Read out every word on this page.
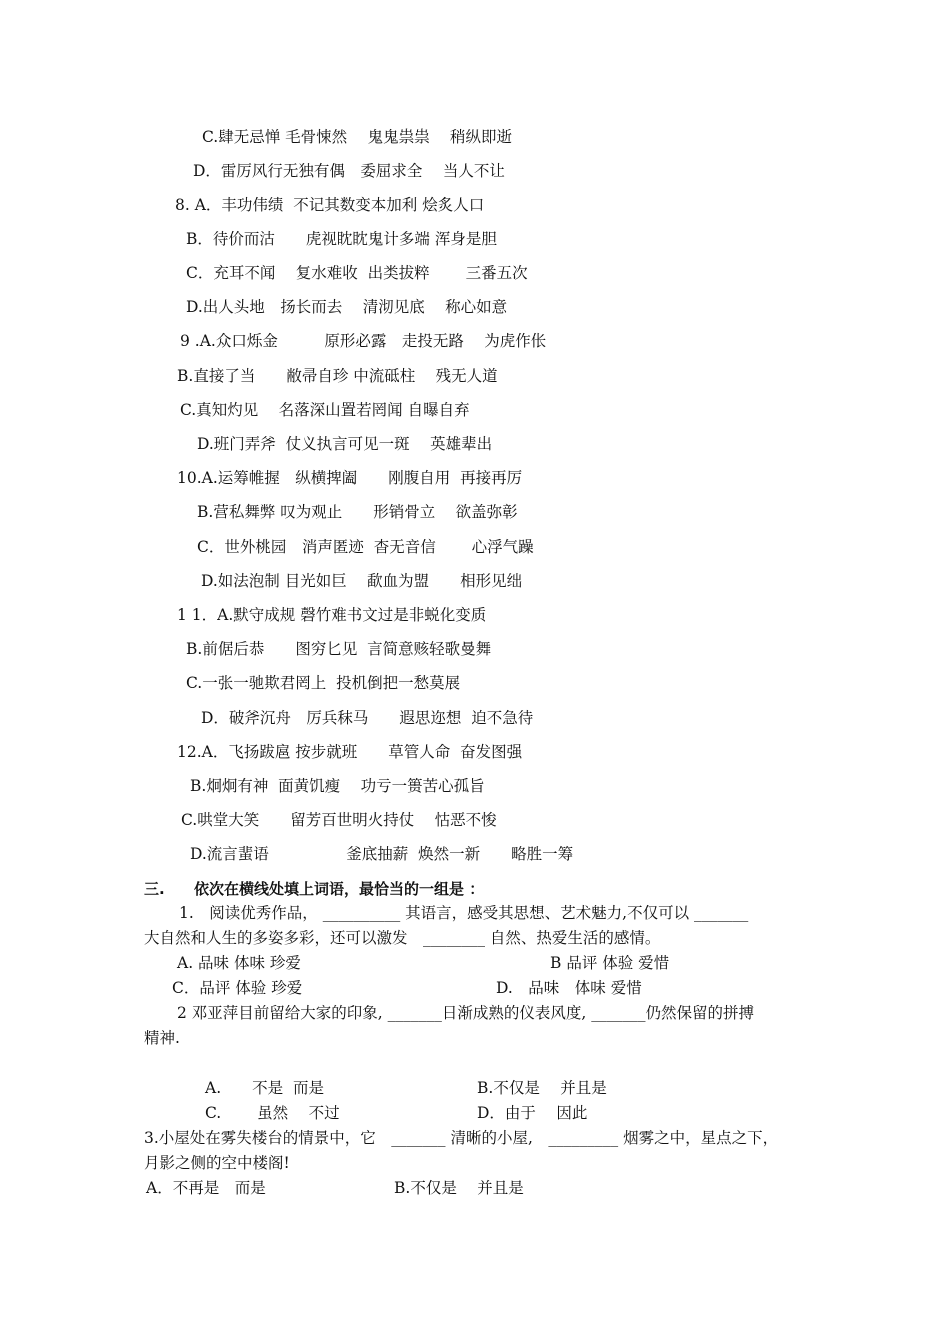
C.肆无忌惮 毛骨悚然　 鬼鬼祟祟　 稍纵即逝
D．雷厉风行无独有偶　委屈求全　 当人不让
8. A．丰功伟绩  不记其数变本加利 烩炙人口
B．待价而沽　　虎视眈眈鬼计多端 浑身是胆
C．充耳不闻　 复水难收  出类拔粹　　 三番五次
D.出人头地　扬长而去　 清沏见底　 称心如意
9 .A.众口烁金　　　原形必露　走投无路　 为虎作伥
B.直接了当　　敝帚自珍 中流砥柱　 残无人道
C.真知灼见　 名落深山置若罔闻 自曝自弃
D.班门弄斧  仗义执言可见一斑　 英雄辈出
10.A.运筹帷握　纵横捭阖　　刚腹自用  再接再厉
B.营私舞弊 叹为观止　　形销骨立　 欲盖弥彰
C．世外桃园　消声匿迹  杳无音信　　 心浮气躁
D.如法泡制 目光如巨　 歃血为盟　　相形见绌
1 1．A.默守成规 磬竹难书文过是非蜕化变质
B.前倨后恭　　图穷匕见  言简意赅轻歌曼舞
C.一张一驰欺君罔上  投机倒把一愁莫展
D．破斧沉舟　厉兵秣马　　遐思迩想  迫不急待
12.A．飞扬跋扈 按步就班　　草管人命  奋发图强
B.炯炯有神  面黄饥瘦　 功亏一篑苦心孤旨
C.哄堂大笑　　留芳百世明火持仗　 怙恶不悛
D.流言蜚语　　　　　釜底抽薪  焕然一新　　略胜一筹
三. 依次在横线处填上词语，最恰当的一组是 ：
1.　阅读优秀作品， __________ 其语言，感受其思想、艺术魅力,不仅可以 _______
大自然和人生的多姿多彩，还可以激发　________ 自然、热爱生活的感情。
A. 品味 体味 珍爱	B 品评 体验 爱惜
C．品评 体验 珍爱	D.　品味　体味 爱惜
2 邓亚萍目前留给大家的印象, _______日渐成熟的仪表风度, _______仍然保留的拼搏
精神.
A.　　不是  而是	B.不仅是　 并且是
C.　　 虽然　 不过	D．由于　 因此
3.小屋处在雾失楼台的情景中，它　_______ 清晰的小屋,　_________ 烟雾之中，星点之下，
月影之侧的空中楼阁!
A．不再是　而是	B.不仅是　 并且是
